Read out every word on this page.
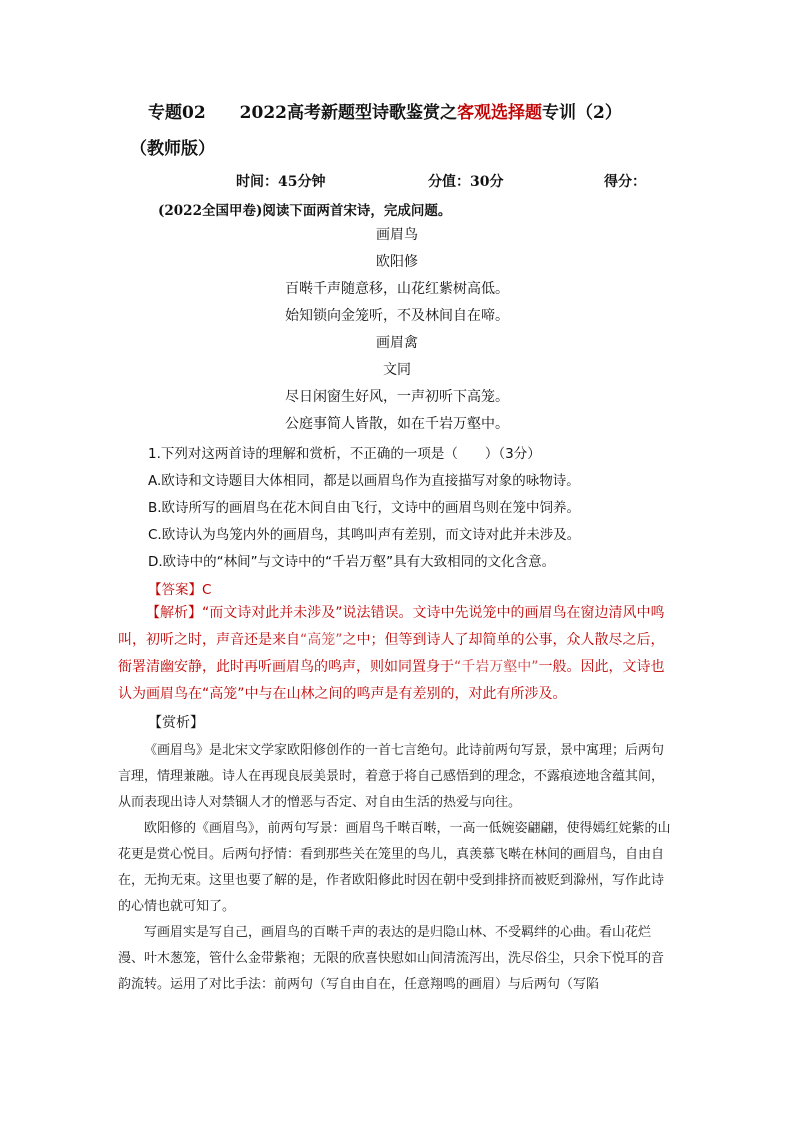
专题02 2022高考新题型诗歌鉴赏之客观选择题专训（2）
（教师版）
时间：45分钟	分值：30分	得分：
(2022全国甲卷)阅读下面两首宋诗，完成问题。
画眉鸟
欧阳修
百啭千声随意移，山花红紫树高低。
始知锁向金笼听，不及林间自在啼。
画眉禽
文同
尽日闲窗生好风，一声初听下高笼。
公庭事简人皆散，如在千岩万壑中。
1.下列对这两首诗的理解和赏析，不正确的一项是（　　）（3分）
A.欧诗和文诗题目大体相同，都是以画眉鸟作为直接描写对象的咏物诗。
B.欧诗所写的画眉鸟在花木间自由飞行，文诗中的画眉鸟则在笼中饲养。
C.欧诗认为鸟笼内外的画眉鸟，其鸣叫声有差别，而文诗对此并未涉及。
D.欧诗中的“林间”与文诗中的“千岩万壑”具有大致相同的文化含意。
【答案】C

【解析】“而文诗对此并未涉及”说法错误。文诗中先说笼中的画眉鸟在窗边清风中鸣叫，初听之时，声音还是来自“高笼”之中；但等到诗人了却简单的公事，众人散尽之后，衙署清幽安静，此时再听画眉鸟的鸣声，则如同置身于“千岩万壑中”一般。因此，文诗也认为画眉鸟在“高笼”中与在山林之间的鸣声是有差别的，对此有所涉及。

【赏析】

《画眉鸟》是北宋文学家欧阳修创作的一首七言绝句。此诗前两句写景，景中寓理；后两句言理，情理兼融。诗人在再现良辰美景时，着意于将自己感悟到的理念，不露痕迹地含蕴其间，从而表现出诗人对禁锢人才的憎恶与否定、对自由生活的热爱与向往。

欧阳修的《画眉鸟》，前两句写景：画眉鸟千啭百啭，一高一低婉姿翩翩，使得嫣红姹紫的山花更是赏心悦目。后两句抒情：看到那些关在笼里的鸟儿，真羡慕飞啭在林间的画眉鸟，自由自在，无拘无束。这里也要了解的是，作者欧阳修此时因在朝中受到排挤而被贬到滁州，写作此诗的心情也就可知了。

写画眉实是写自己，画眉鸟的百啭千声的表达的是归隐山林、不受羁绊的心曲。看山花烂漫、叶木葱笼，管什么金带紫袍；无限的欣喜快慰如山间清流泻出，洗尽俗尘，只余下悦耳的音韵流转。运用了对比手法：前两句（写自由自在，任意翔鸣的画眉）与后两句（写陷
